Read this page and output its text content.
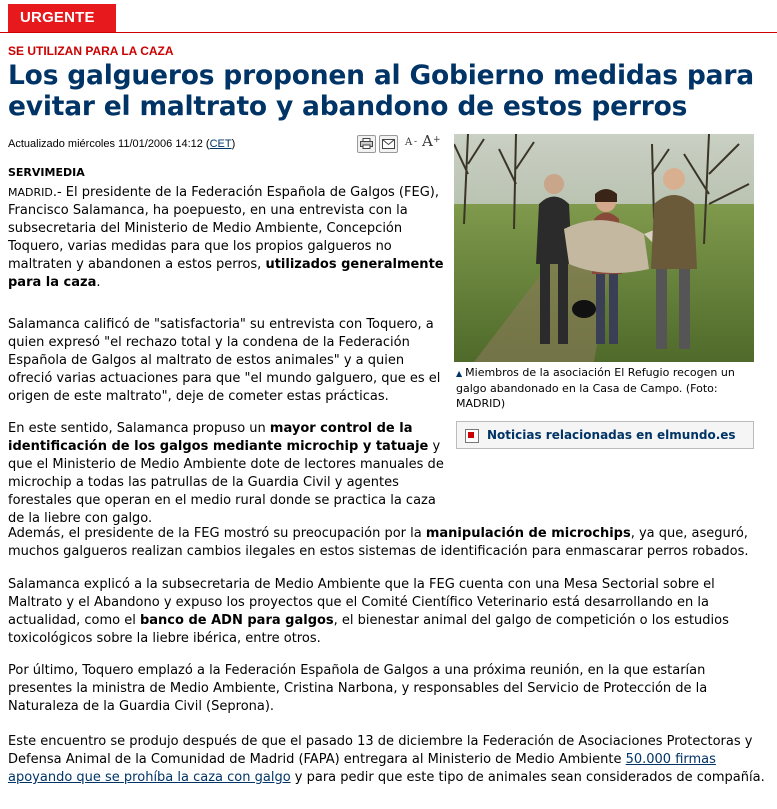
URGENTE
SE UTILIZAN PARA LA CAZA
Los galgueros proponen al Gobierno medidas para evitar el maltrato y abandono de estos perros
Actualizado miércoles 11/01/2006 14:12 (CET)	A - A +
SERVIMEDIA
▲ Miembros de la asociación El Refugio recogen un galgo abandonado en la Casa de Campo. (Foto: MADRID)
Noticias relacionadas en elmundo.es

MADRID.- El presidente de la Federación Española de Galgos (FEG), Francisco Salamanca, ha poepuesto, en una entrevista con la subsecretaria del Ministerio de Medio Ambiente, Concepción Toquero, varias medidas para que los propios galgueros no maltraten y abandonen a estos perros, utilizados generalmente para la caza.

Salamanca calificó de "satisfactoria" su entrevista con Toquero, a quien expresó "el rechazo total y la condena de la Federación Española de Galgos al maltrato de estos animales" y a quien ofreció varias actuaciones para que "el mundo galguero, que es el origen de este maltrato", deje de cometer estas prácticas.

En este sentido, Salamanca propuso un mayor control de la identificación de los galgos mediante microchip y tatuaje y que el Ministerio de Medio Ambiente dote de lectores manuales de microchip a todas las patrullas de la Guardia Civil y agentes forestales que operan en el medio rural donde se practica la caza de la liebre con galgo.

Además, el presidente de la FEG mostró su preocupación por la manipulación de microchips, ya que, aseguró, muchos galgueros realizan cambios ilegales en estos sistemas de identificación para enmascarar perros robados.

Salamanca explicó a la subsecretaria de Medio Ambiente que la FEG cuenta con una Mesa Sectorial sobre el Maltrato y el Abandono y expuso los proyectos que el Comité Científico Veterinario está desarrollando en la actualidad, como el banco de ADN para galgos, el bienestar animal del galgo de competición o los estudios toxicológicos sobre la liebre ibérica, entre otros.

Por último, Toquero emplazó a la Federación Española de Galgos a una próxima reunión, en la que estarían presentes la ministra de Medio Ambiente, Cristina Narbona, y responsables del Servicio de Protección de la Naturaleza de la Guardia Civil (Seprona).

Este encuentro se produjo después de que el pasado 13 de diciembre la Federación de Asociaciones Protectoras y Defensa Animal de la Comunidad de Madrid (FAPA) entregara al Ministerio de Medio Ambiente 50.000 firmas apoyando que se prohíba la caza con galgo y para pedir que este tipo de animales sean considerados de compañía.
